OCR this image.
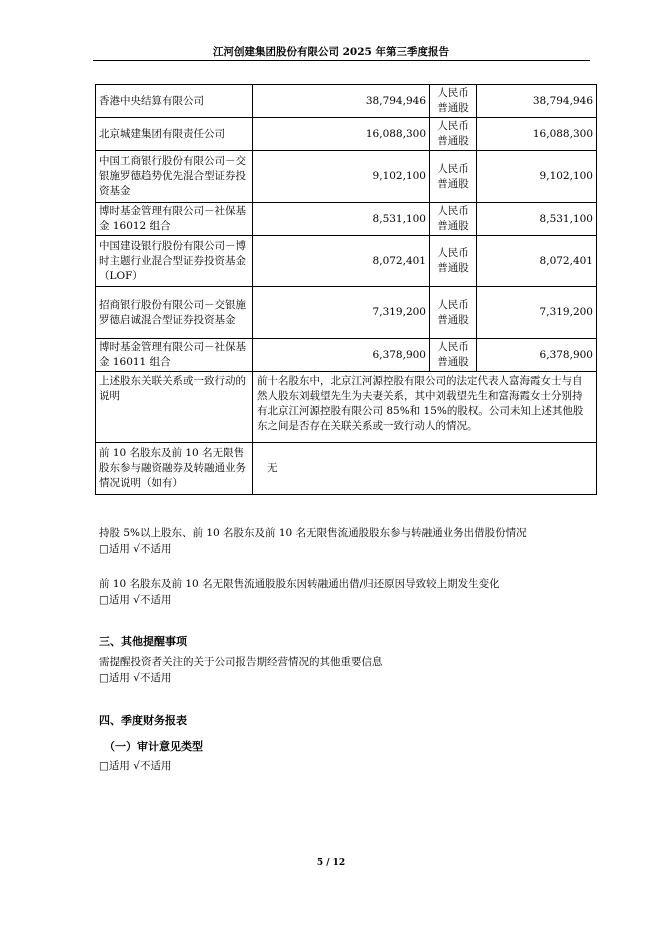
江河创建集团股份有限公司 2025 年第三季度报告
香港中央结算有限公司	38,794,946	人民币普通股	38,794,946
北京城建集团有限责任公司	16,088,300	人民币普通股	16,088,300
中国工商银行股份有限公司－交银施罗德趋势优先混合型证券投资基金	9,102,100	人民币普通股	9,102,100
博时基金管理有限公司－社保基金 16012 组合	8,531,100	人民币普通股	8,531,100
中国建设银行股份有限公司－博时主题行业混合型证券投资基金（LOF）	8,072,401	人民币普通股	8,072,401
招商银行股份有限公司－交银施罗德启诚混合型证券投资基金	7,319,200	人民币普通股	7,319,200
博时基金管理有限公司－社保基金 16011 组合	6,378,900	人民币普通股	6,378,900
上述股东关联关系或一致行动的说明	前十名股东中，北京江河源控股有限公司的法定代表人富海霞女士与自然人股东刘载望先生为夫妻关系，其中刘载望先生和富海霞女士分别持有北京江河源控股有限公司 85%和 15%的股权。公司未知上述其他股东之间是否存在关联关系或一致行动人的情况。		
前 10 名股东及前 10 名无限售股东参与融资融券及转融通业务情况说明（如有）	无		
持股 5%以上股东、前 10 名股东及前 10 名无限售流通股股东参与转融通业务出借股份情况
□适用 √不适用
前 10 名股东及前 10 名无限售流通股股东因转融通出借/归还原因导致较上期发生变化
□适用 √不适用
三、其他提醒事项
需提醒投资者关注的关于公司报告期经营情况的其他重要信息
□适用 √不适用
四、季度财务报表
（一）审计意见类型
□适用 √不适用
5 / 12
